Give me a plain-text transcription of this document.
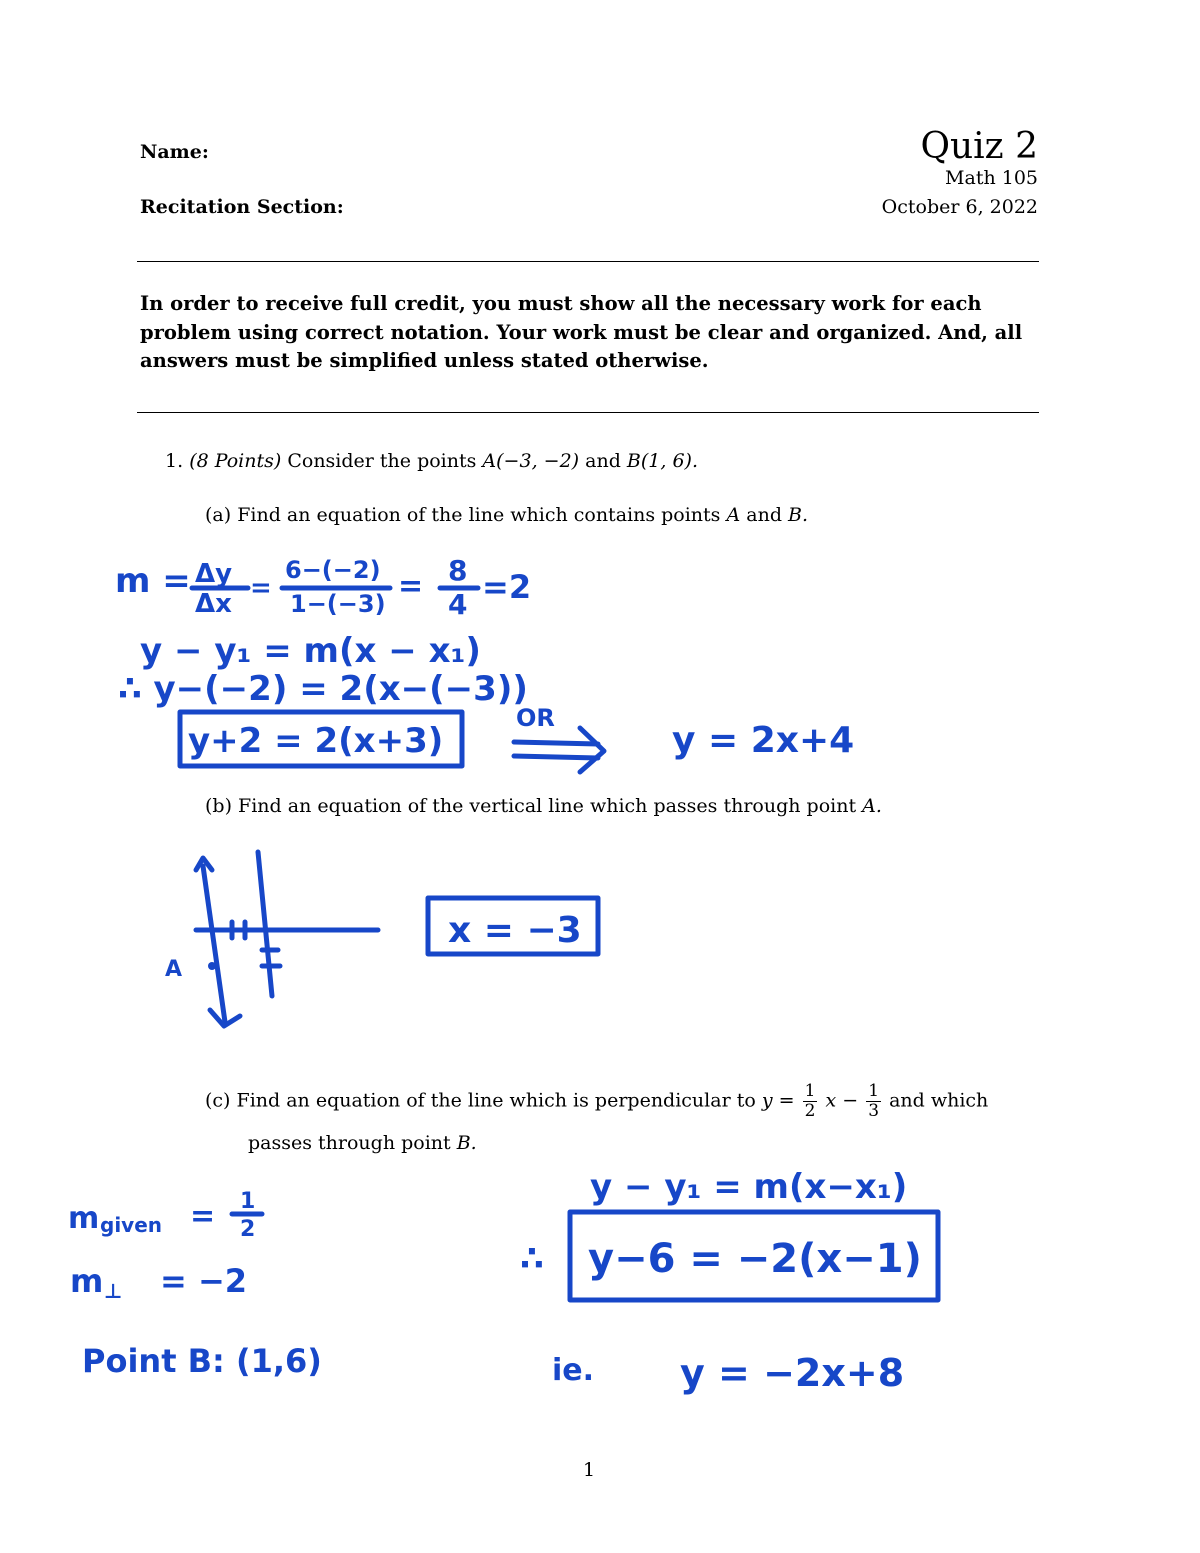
Name:
Recitation Section:
Quiz 2
Math 105
October 6, 2022
In order to receive full credit, you must show all the necessary work for each problem using correct notation. Your work must be clear and organized. And, all answers must be simplified unless stated otherwise.
1. (8 Points) Consider the points A(−3, −2) and B(1, 6).
(a) Find an equation of the line which contains points A and B.
(b) Find an equation of the vertical line which passes through point A.
(c) Find an equation of the line which is perpendicular to $y = \frac{1}{2}$ $x - \frac{1}{3}$ and which
passes through point B.
m = Δy
Δx
=
6−(−2)
1−(−3) = 8
4 =2
y − y₁ = m(x − x₁)
∴ y−(−2) = 2(x−(−3))
y+2 = 2(x+3)
OR
y = 2x+4
A
x = −3
m given = 1
2
m ⊥ = −2
Point B: (1,6)
y − y₁ = m(x−x₁)
∴ y−6 = −2(x−1)
ie. y = −2x+8
1
